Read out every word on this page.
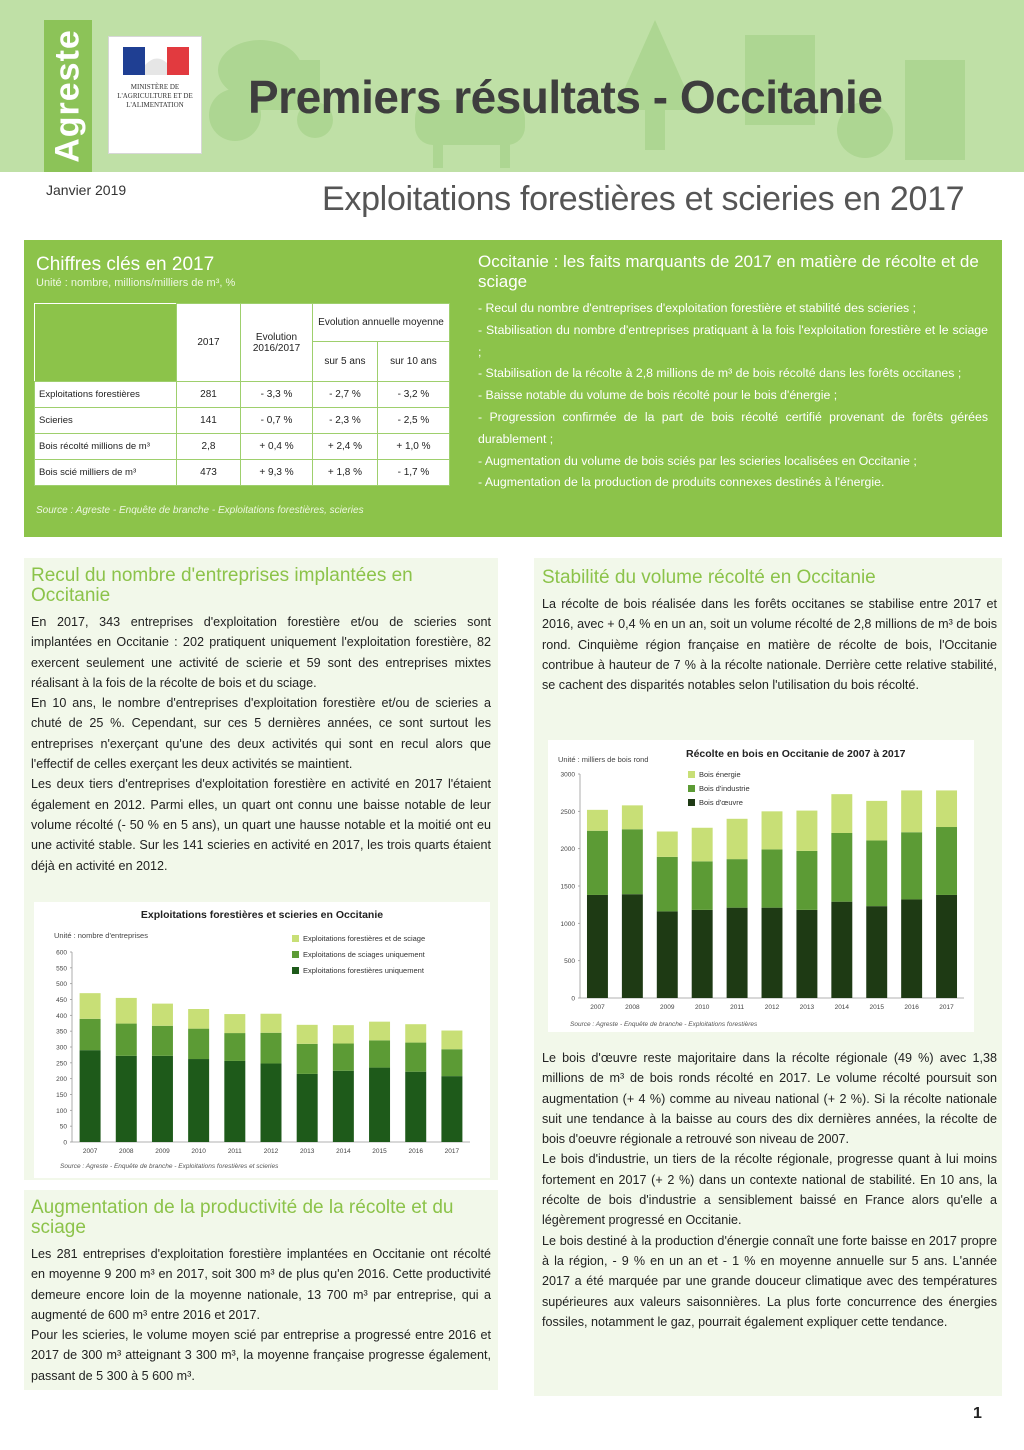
Agreste	MINISTÈRE DE L'AGRICULTURE ET DE L'ALIMENTATION Premiers résultats - Occitanie
Janvier 2019	Exploitations forestières et scieries en 2017
Chiffres clés en 2017
Unité : nombre, millions/milliers de m³, %
	2017	Evolution 2016/2017	Evolution annuelle moyenne	
			sur 5 ans	sur 10 ans
Exploitations forestières	281	- 3,3 %	- 2,7 %	- 3,2 %
Scieries	141	- 0,7 %	- 2,3 %	- 2,5 %
Bois récolté millions de m³	2,8	+ 0,4 %	+ 2,4 %	+ 1,0 %
Bois scié milliers de m³	473	+ 9,3 %	+ 1,8 %	- 1,7 %
Source : Agreste - Enquête de branche - Exploitations forestières, scieries
Occitanie : les faits marquants de 2017 en matière de récolte et de sciage
- Recul du nombre d'entreprises d'exploitation forestière et stabilité des scieries ;
- Stabilisation du nombre d'entreprises pratiquant à la fois l'exploitation forestière et le sciage ;
- Stabilisation de la récolte à 2,8 millions de m³ de bois récolté dans les forêts occitanes ;
- Baisse notable du volume de bois récolté pour le bois d'énergie ;
- Progression confirmée de la part de bois récolté certifié provenant de forêts gérées durablement ;
- Augmentation du volume de bois sciés par les scieries localisées en Occitanie ;
- Augmentation de la production de produits connexes destinés à l'énergie.
Recul du nombre d'entreprises implantées en Occitanie

En 2017, 343 entreprises d'exploitation forestière et/ou de scieries sont implantées en Occitanie : 202 pratiquent uniquement l'exploitation forestière, 82 exercent seulement une activité de scierie et 59 sont des entreprises mixtes réalisant à la fois de la récolte de bois et du sciage.

En 10 ans, le nombre d'entreprises d'exploitation forestière et/ou de scieries a chuté de 25 %. Cependant, sur ces 5 dernières années, ce sont surtout les entreprises n'exerçant qu'une des deux activités qui sont en recul alors que l'effectif de celles exerçant les deux activités se maintient.

Les deux tiers d'entreprises d'exploitation forestière en activité en 2017 l'étaient également en 2012. Parmi elles, un quart ont connu une baisse notable de leur volume récolté (- 50 % en 5 ans), un quart une hausse notable et la moitié ont eu une activité stable. Sur les 141 scieries en activité en 2017, les trois quarts étaient déjà en activité en 2012.

Exploitations forestières et scieries en Occitanie
Unité : nombre d'entreprises
0
50
100
150
200
250
300
350
400
450
500
550
600
2007	2008	2009	2010	2011	2012	2013	2014	2015	2016	2017
Exploitations forestières et de sciage
Exploitations de sciages uniquement
Exploitations forestières uniquement
Source : Agreste - Enquête de branche - Exploitations forestières et scieries
Augmentation de la productivité de la récolte et du sciage

Les 281 entreprises d'exploitation forestière implantées en Occitanie ont récolté en moyenne 9 200 m³ en 2017, soit 300 m³ de plus qu'en 2016. Cette productivité demeure encore loin de la moyenne nationale, 13 700 m³ par entreprise, qui a augmenté de 600 m³ entre 2016 et 2017.

Pour les scieries, le volume moyen scié par entreprise a progressé entre 2016 et 2017 de 300 m³ atteignant 3 300 m³, la moyenne française progresse également, passant de 5 300 à 5 600 m³.

Stabilité du volume récolté en Occitanie

La récolte de bois réalisée dans les forêts occitanes se stabilise entre 2017 et 2016, avec + 0,4 % en un an, soit un volume récolté de 2,8 millions de m³ de bois rond. Cinquième région française en matière de récolte de bois, l'Occitanie contribue à hauteur de 7 % à la récolte nationale. Derrière cette relative stabilité, se cachent des disparités notables selon l'utilisation du bois récolté.

Récolte en bois en Occitanie de 2007 à 2017
Unité : milliers de bois rond
0
500
1000
1500
2000
2500
3000
2007	2008	2009	2010	2011	2012	2013	2014	2015	2016	2017
Bois énergie
Bois d'industrie
Bois d'œuvre
Source : Agreste - Enquête de branche - Exploitations forestières

Le bois d'œuvre reste majoritaire dans la récolte régionale (49 %) avec 1,38 millions de m³ de bois ronds récolté en 2017. Le volume récolté poursuit son augmentation (+ 4 %) comme au niveau national (+ 2 %). Si la récolte nationale suit une tendance à la baisse au cours des dix dernières années, la récolte de bois d'oeuvre régionale a retrouvé son niveau de 2007.

Le bois d'industrie, un tiers de la récolte régionale, progresse quant à lui moins fortement en 2017 (+ 2 %) dans un contexte national de stabilité. En 10 ans, la récolte de bois d'industrie a sensiblement baissé en France alors qu'elle a légèrement progressé en Occitanie.

Le bois destiné à la production d'énergie connaît une forte baisse en 2017 propre à la région, - 9 % en un an et - 1 % en moyenne annuelle sur 5 ans. L'année 2017 a été marquée par une grande douceur climatique avec des températures supérieures aux valeurs saisonnières. La plus forte concurrence des énergies fossiles, notamment le gaz, pourrait également expliquer cette tendance.

1
